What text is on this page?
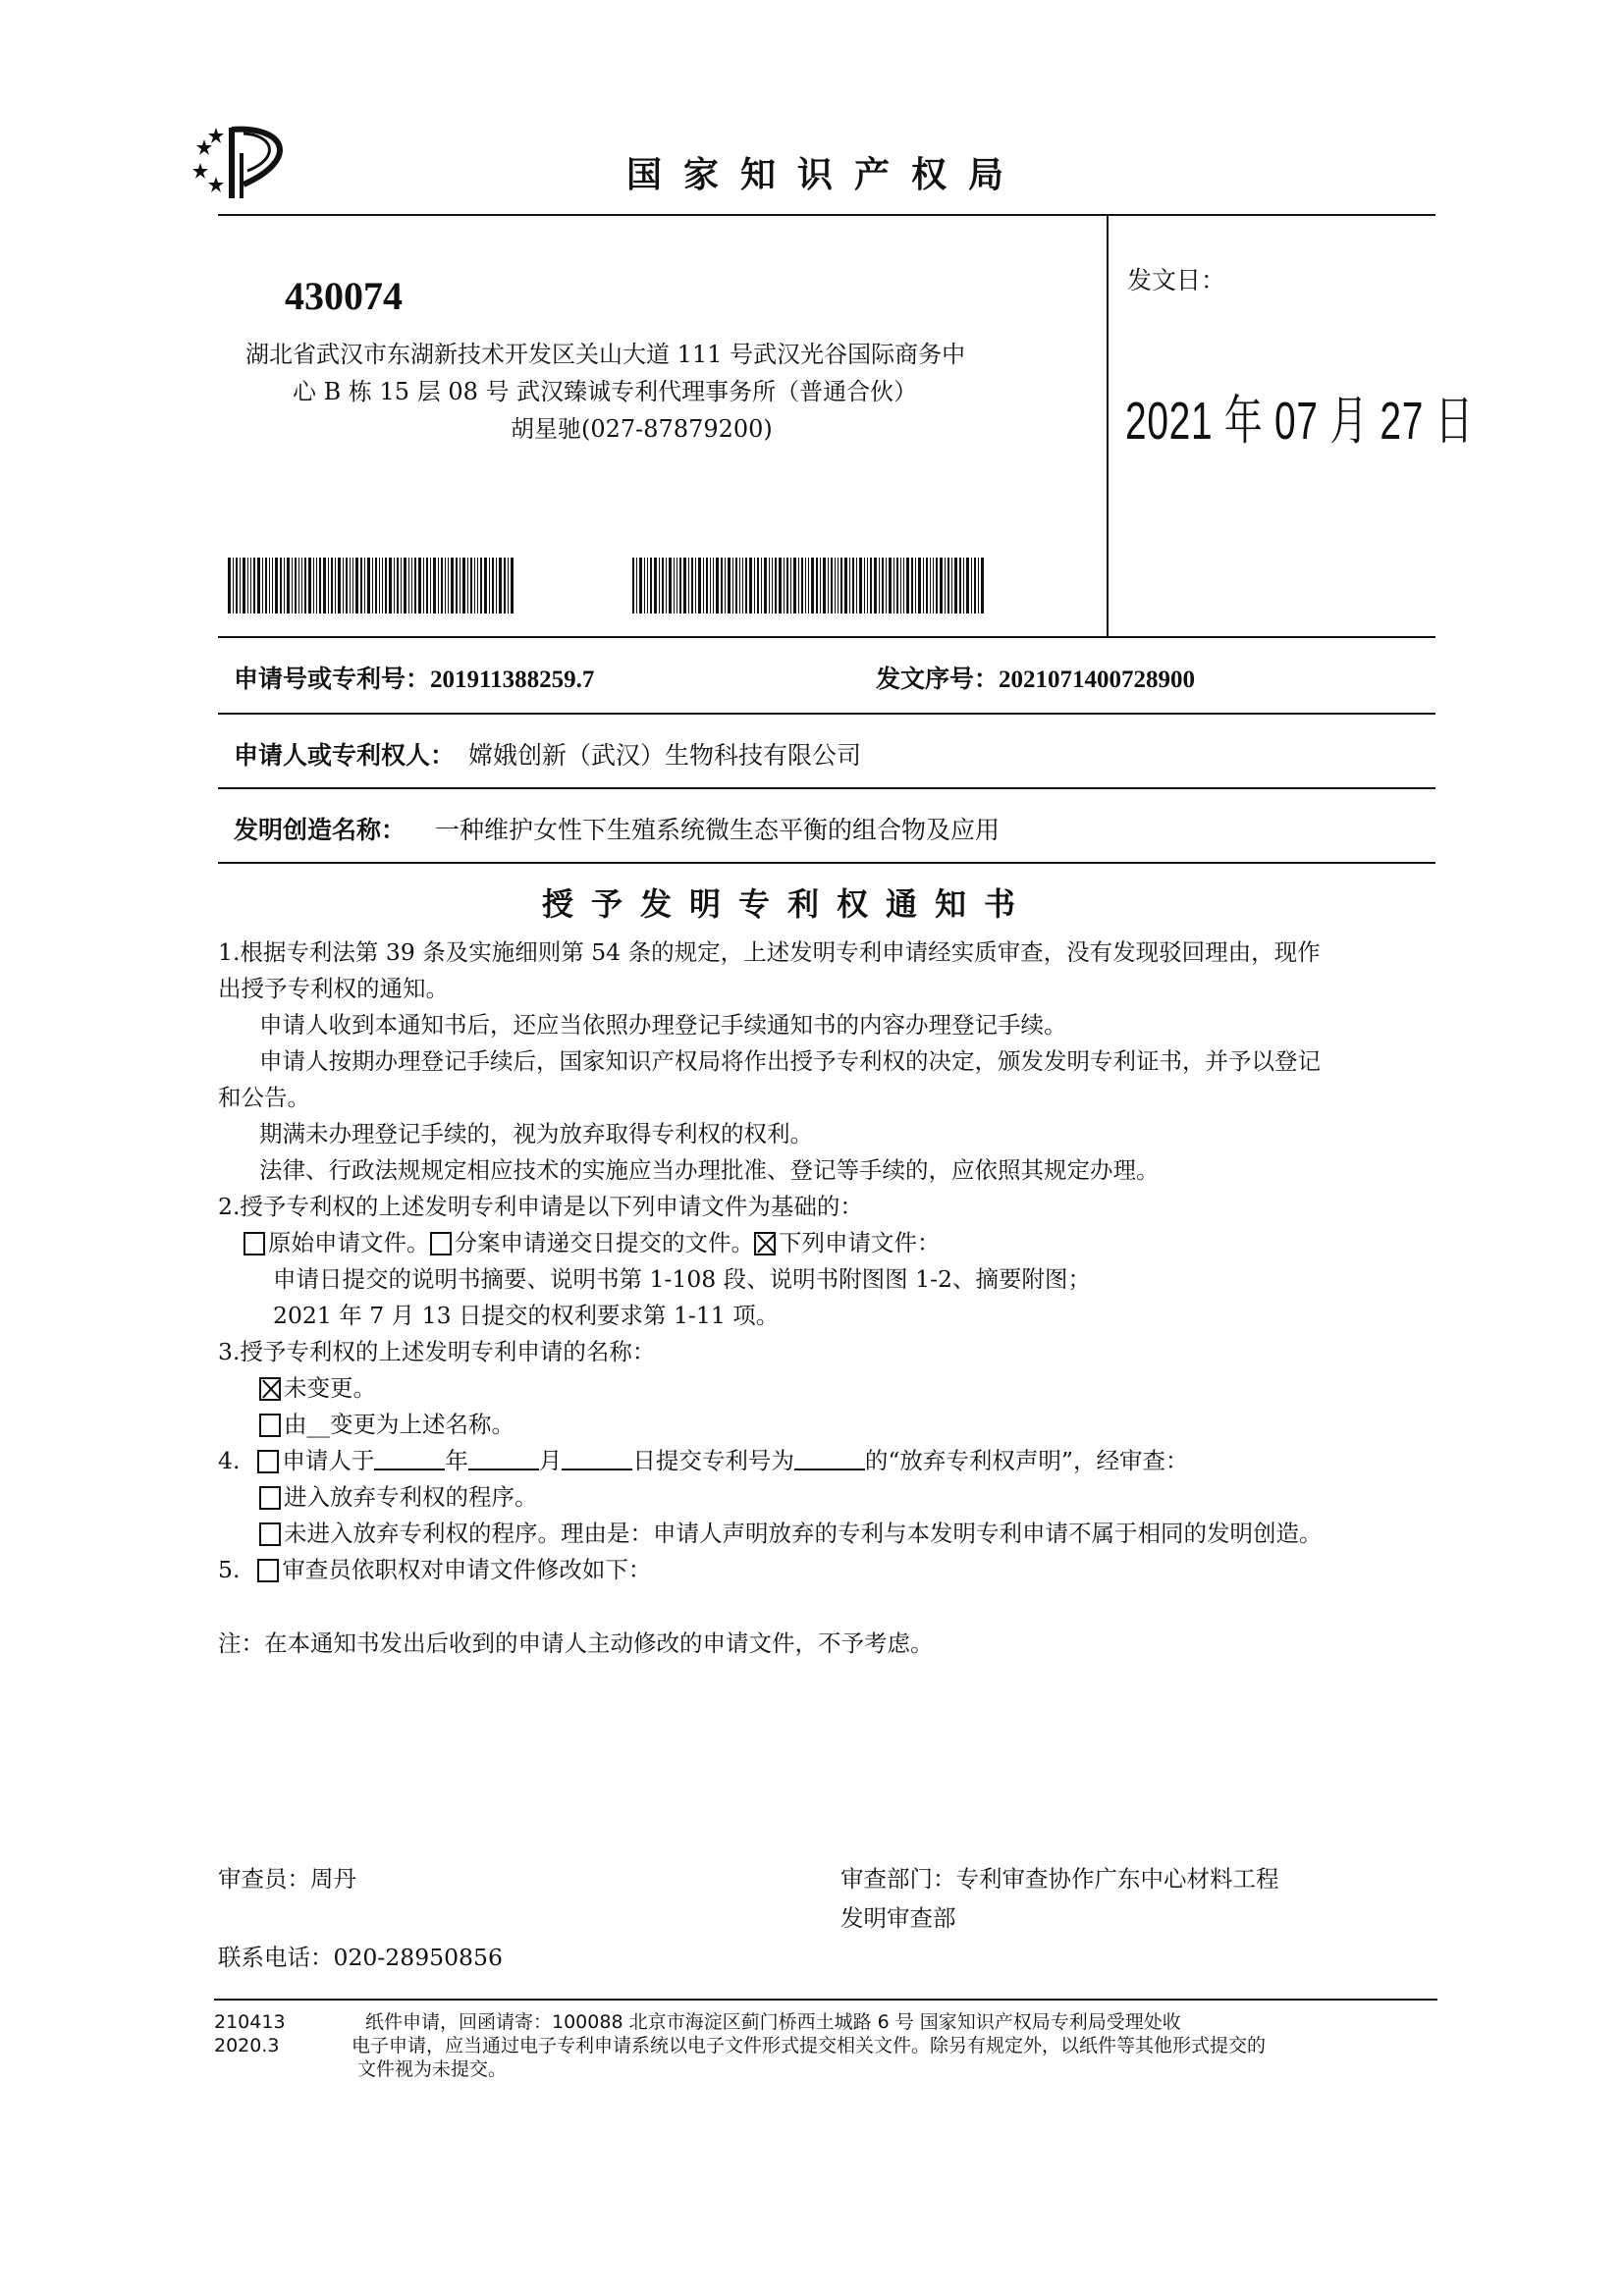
国家知识产权局
430074
湖北省武汉市东湖新技术开发区关山大道 111 号武汉光谷国际商务中
心 B 栋 15 层 08 号 武汉臻诚专利代理事务所（普通合伙）
胡星驰(027-87879200)
发文日：
2021 年 07 月 27 日
申请号或专利号：201911388259.7	发文序号：2021071400728900
申请人或专利权人： 嫦娥创新（武汉）生物科技有限公司
发明创造名称： 一种维护女性下生殖系统微生态平衡的组合物及应用
授予发明专利权通知书
1.根据专利法第 39 条及实施细则第 54 条的规定，上述发明专利申请经实质审查，没有发现驳回理由，现作
出授予专利权的通知。
申请人收到本通知书后，还应当依照办理登记手续通知书的内容办理登记手续。
申请人按期办理登记手续后，国家知识产权局将作出授予专利权的决定，颁发发明专利证书，并予以登记
和公告。
期满未办理登记手续的，视为放弃取得专利权的权利。
法律、行政法规规定相应技术的实施应当办理批准、登记等手续的，应依照其规定办理。
2.授予专利权的上述发明专利申请是以下列申请文件为基础的：
原始申请文件。 分案申请递交日提交的文件。 下列申请文件：
申请日提交的说明书摘要、说明书第 1-108 段、说明书附图图 1-2、摘要附图；
2021 年 7 月 13 日提交的权利要求第 1-11 项。
3.授予专利权的上述发明专利申请的名称：
未变更。
由__变更为上述名称。
4. 申请人于	年	月	日提交专利号为	的“放弃专利权声明”，经审查：
进入放弃专利权的程序。
未进入放弃专利权的程序。理由是：申请人声明放弃的专利与本发明专利申请不属于相同的发明创造。
5. 审查员依职权对申请文件修改如下：
注：在本通知书发出后收到的申请人主动修改的申请文件，不予考虑。
审查员：周丹	审查部门：专利审查协作广东中心材料工程
发明审查部
联系电话：020-28950856
210413
2020.3
纸件申请，回函请寄：100088 北京市海淀区蓟门桥西土城路 6 号 国家知识产权局专利局受理处收
电子申请，应当通过电子专利申请系统以电子文件形式提交相关文件。除另有规定外，以纸件等其他形式提交的
文件视为未提交。
